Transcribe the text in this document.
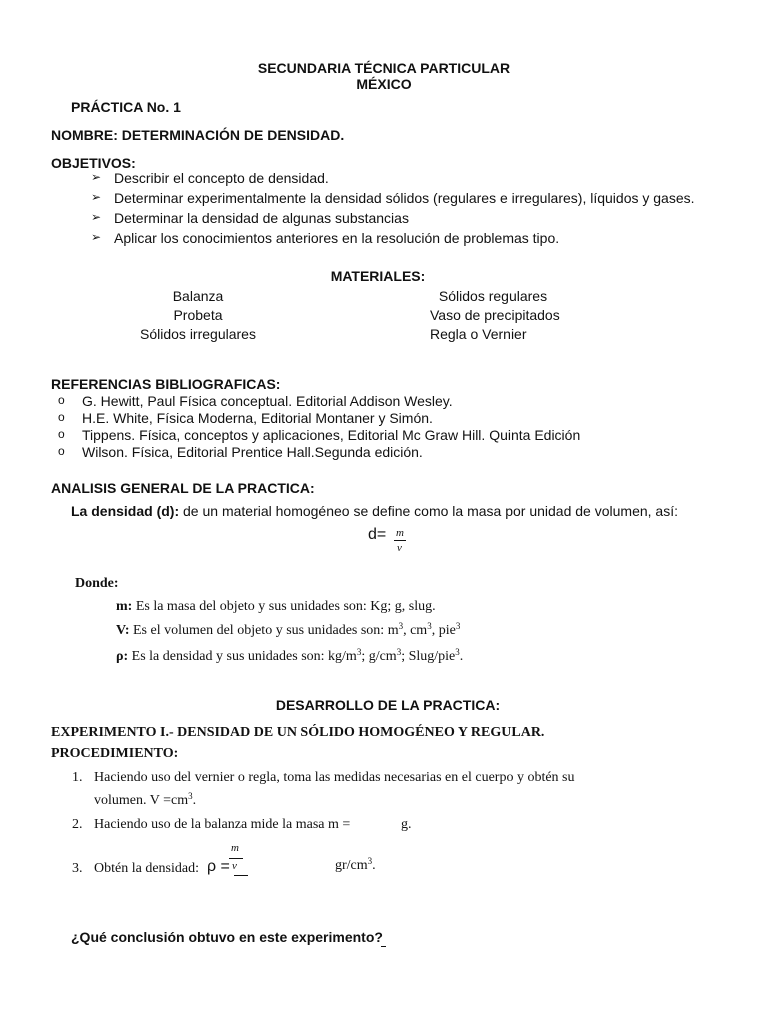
SECUNDARIA TÉCNICA PARTICULAR
MÉXICO
PRÁCTICA No. 1
NOMBRE: DETERMINACIÓN DE DENSIDAD.
OBJETIVOS:
➢ Describir el concepto de densidad.
➢ Determinar experimentalmente la densidad sólidos (regulares e irregulares), líquidos y gases.
➢ Determinar la densidad de algunas substancias
➢ Aplicar los conocimientos anteriores en la resolución de problemas tipo.
MATERIALES:
Balanza
Probeta
Sólidos irregulares
Sólidos regulares
Vaso de precipitados
Regla o Vernier
REFERENCIAS BIBLIOGRAFICAS:
o G. Hewitt, Paul Física conceptual. Editorial Addison Wesley.
o H.E. White, Física Moderna, Editorial Montaner y Simón.
o Tippens. Física, conceptos y aplicaciones, Editorial Mc Graw Hill. Quinta Edición
o Wilson. Física, Editorial Prentice Hall.Segunda edición.
ANALISIS GENERAL DE LA PRACTICA:
La densidad (d): de un material homogéneo se define como la masa por unidad de volumen, así:
d= m
v
Donde:
m: Es la masa del objeto y sus unidades son: Kg; g, slug.
V: Es el volumen del objeto y sus unidades son: $m^3$, $cm^3$, pie$^3$
ρ: Es la densidad y sus unidades son: $kg/m^3$; $g/cm^3$; Slug/pie$^3$.
DESARROLLO DE LA PRACTICA:
EXPERIMENTO I.- DENSIDAD DE UN SÓLIDO HOMOGÉNEO Y REGULAR.
PROCEDIMIENTO:
1. Haciendo uso del vernier o regla, toma las medidas necesarias en el cuerpo y obtén su
volumen. $V =cm^3$.
2. Haciendo uso de la balanza mide la masa m =	g.
3. Obtén la densidad: ρ =
m
v	$gr/cm^3$.
¿Qué conclusión obtuvo en este experimento?
